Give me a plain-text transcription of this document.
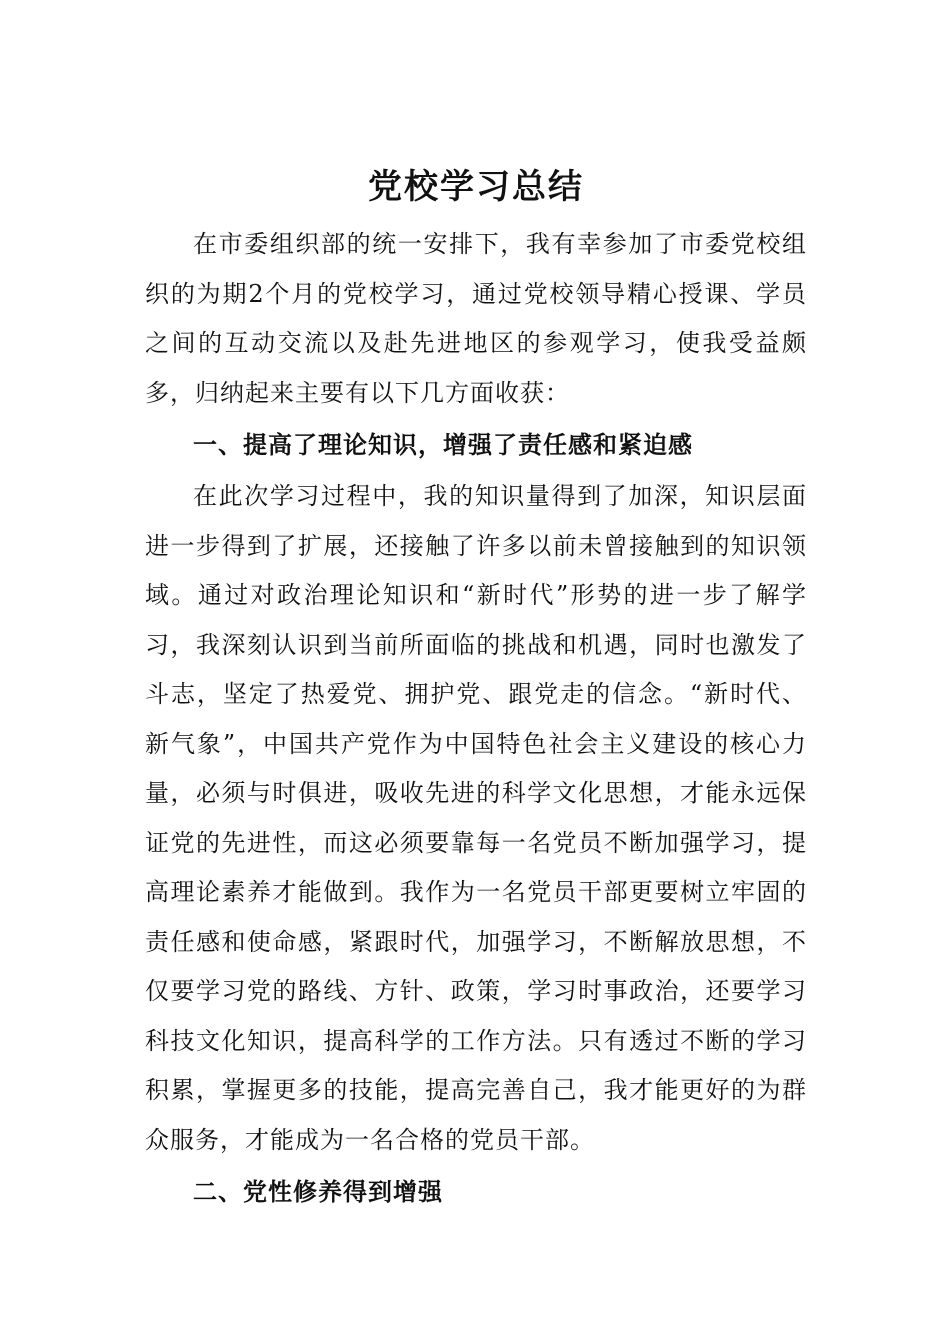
党校学习总结

在市委组织部的统一安排下，我有幸参加了市委党校组织的为期2个月的党校学习，通过党校领导精心授课、学员之间的互动交流以及赴先进地区的参观学习，使我受益颇多，归纳起来主要有以下几方面收获：

一、提高了理论知识，增强了责任感和紧迫感

在此次学习过程中，我的知识量得到了加深，知识层面进一步得到了扩展，还接触了许多以前未曾接触到的知识领域。通过对政治理论知识和“新时代”形势的进一步了解学习，我深刻认识到当前所面临的挑战和机遇，同时也激发了斗志，坚定了热爱党、拥护党、跟党走的信念。“新时代、新气象”，中国共产党作为中国特色社会主义建设的核心力量，必须与时俱进，吸收先进的科学文化思想，才能永远保证党的先进性，而这必须要靠每一名党员不断加强学习，提高理论素养才能做到。我作为一名党员干部更要树立牢固的责任感和使命感，紧跟时代，加强学习，不断解放思想，不仅要学习党的路线、方针、政策，学习时事政治，还要学习科技文化知识，提高科学的工作方法。只有透过不断的学习积累，掌握更多的技能，提高完善自己，我才能更好的为群众服务，才能成为一名合格的党员干部。

二、党性修养得到增强
